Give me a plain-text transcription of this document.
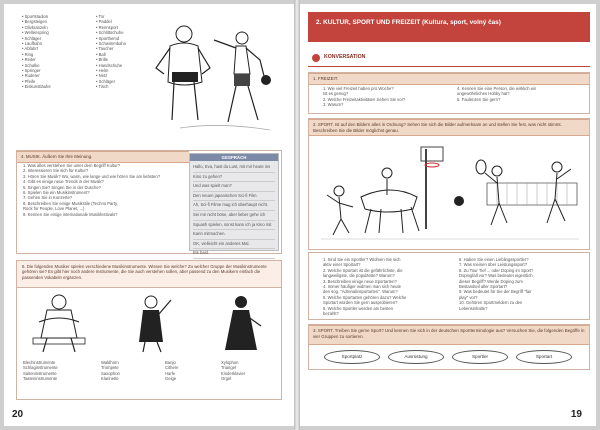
• Sportstadion
• Bergsteigen
• Olivkranzeln
• Wellenspring
• Schläger
• Laufbahn
• Abfahrt
• Ring
• Reiter
• Schalke
• Springer
• Ruderer
• Pfeife
• Eiskunstläufer
• Tor
• Paddel
• Rennsport
• Schlittschuhe
• Sporthemd
• Schwimmbahn
• Taucher
• Ball
• Brille
• Handschuhe
• Helm
• Netz
• Schläger
• Tisch
4. MUSIK. Äußern Sie Ihre Meinung.
1. Was alles verstehen Sie unter dem Begriff Kultur?
2. Interessieren Sie sich für Kultur?
3. Hören Sie Musik? Wo, wann, wie lange und wie hören Sie am liebsten?
4. Gibt es einige neue Trends in der Musik?
5. Singen Sie? Singen Sie in der Dusche?
6. Spielen Sie ein Musikinstrument?
7. Gehen Sie in Konzerte?
8. Beschreiben Sie einige Musikstile (Techno Party,
Rock for People, Love Planet, ...)
9. Kennen Sie einige internationale Musikfestivals?
GESPRÄCH
Hallo, Eva, hast du Lust, mit mir heute ins
Kino zu gehen?
Und was spielt man?
Den neuen japanischen Sci-fi Film.
Ah, Sci-fi Filme mag ich überhaupt nicht.
Sei mir nicht böse, aber lieber gehe ich
Squash spielen, sonst kann ich ja Kino mit
Karin mitmachen.
OK, vielleicht ein anderes Mal.
Bis bald.
5. Die folgenden Musiker spielen verschiedene Musikinstrumente. Wissen Sie welche? Zu welcher Gruppe der Musikinstrumente gehören sie? Es gibt hier noch andere Instrumente, die Sie auch verstehen sollen, aber passend zu den Musikern einfach die passenden Vokabeln ergänzen.
Blechinstrumente
Schlaginstrumente
Saiteninstrumente
Tasteninstrumente
Waldhorn
Trompete
Saxophon
Klarinette
Banjo
Cithere
Harfe
Geige
Xylophon
Triangel
Kinderklavier
Orgel
20
2. KULTUR, SPORT UND FREIZEIT (Kultura, sport, volný čas)
KONVERSATION
1. FREIZEIT.
1. Wie viel Freizeit haben pro Woche?
Ist es genug?
2. Welche Freizeitaktivitäten ziehen Sie vor?
3. Warum?
4. Kennen Sie eine Person, die wirklich ein
ungewöhnliches Hobby hat?
5. Faulenzen Sie gern?
2. SPORT. Ist auf den Bildern alles in Ordnung? Sehen Sie sich die Bilder aufmerksam an und stellen Sie fest, was nicht stimmt. Beschreiben Sie die Bilder möglichst genau.
1. Sind Sie ein Sportler? Widmen Sie sich
aktiv einer Sportart?
2. Welche Sportart ist die gefährlichste, die
langweiligste, die populärste? Warum?
3. Beschreiben einige neue Sportarten?
4. Immer häufiger widmen man sich heute
den sog. "Adrenalinsportarten". Warum?
5. Welche Sportarten gehören dazu? Welche
Sportart würden Sie gern ausprobieren?
6. Welche Sportler werden am besten
bezahlt?
6. Haben Sie einen Lieblingssportler?
7. Was meinen über Leistungssport?
8. Zu Tour Tief ... oder Doping im Sport?
Dopingfall vor? Was bedeutet eigentlich
dieser Begriff? Werde Doping zum
Bestandteil aller Sportart?
9. Was bedeutet für Sie der Begriff "fair
play" vor?
10. Gehören Sportmeldern zu den
Lebensinhalte?
3. SPORT. Treiben Sie gerne Sport? Und kennen Sie sich in der deutschen Sportterminologie aus? Versuchen Sie, die folgenden Begriffe in vier Gruppen zu sortieren.
Sportplatz	Ausrüstung	Sportler	Sportart
19
